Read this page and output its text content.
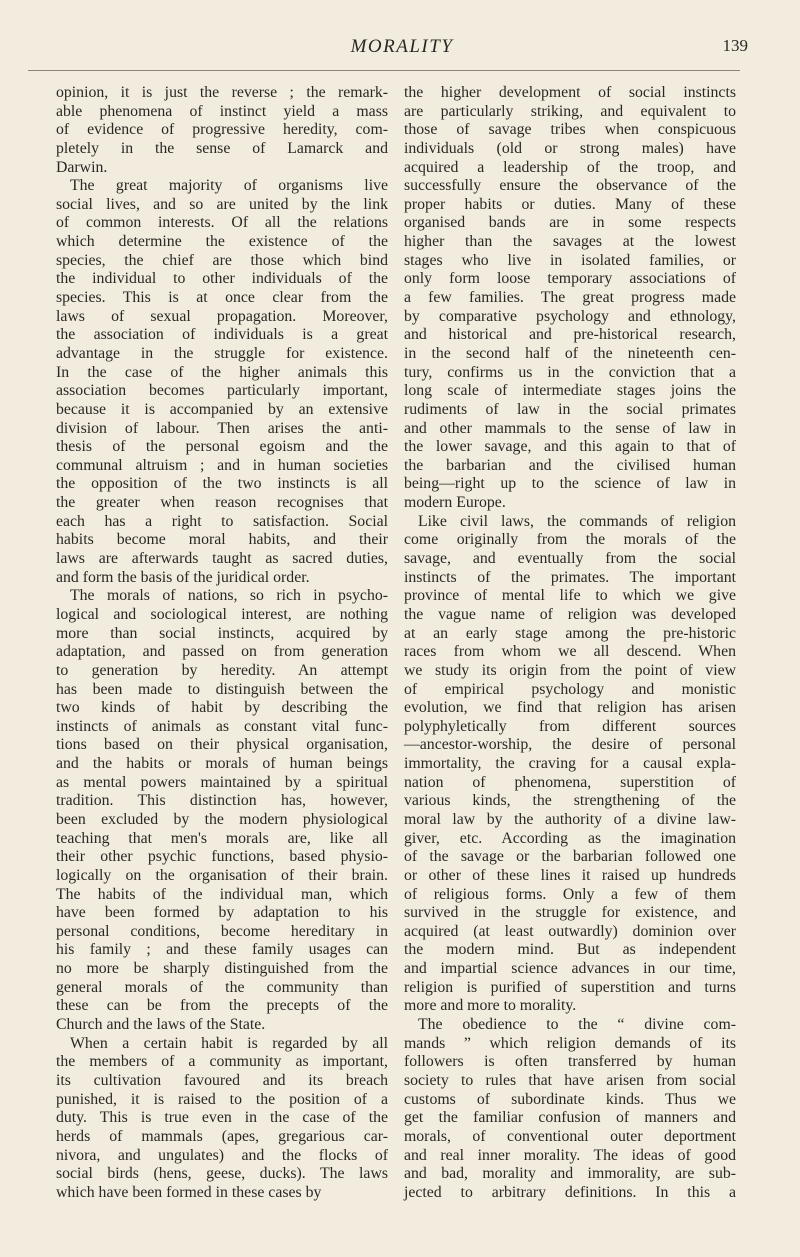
MORALITY	139
opinion, it is just the reverse ; the remark-
able phenomena of instinct yield a mass
of evidence of progressive heredity, com-
pletely in the sense of Lamarck and
Darwin.
The great majority of organisms live
social lives, and so are united by the link
of common interests. Of all the relations
which determine the existence of the
species, the chief are those which bind
the individual to other individuals of the
species. This is at once clear from the
laws of sexual propagation. Moreover,
the association of individuals is a great
advantage in the struggle for existence.
In the case of the higher animals this
association becomes particularly important,
because it is accompanied by an extensive
division of labour. Then arises the anti-
thesis of the personal egoism and the
communal altruism ; and in human societies
the opposition of the two instincts is all
the greater when reason recognises that
each has a right to satisfaction. Social
habits become moral habits, and their
laws are afterwards taught as sacred duties,
and form the basis of the juridical order.
The morals of nations, so rich in psycho-
logical and sociological interest, are nothing
more than social instincts, acquired by
adaptation, and passed on from generation
to generation by heredity. An attempt
has been made to distinguish between the
two kinds of habit by describing the
instincts of animals as constant vital func-
tions based on their physical organisation,
and the habits or morals of human beings
as mental powers maintained by a spiritual
tradition. This distinction has, however,
been excluded by the modern physiological
teaching that men's morals are, like all
their other psychic functions, based physio-
logically on the organisation of their brain.
The habits of the individual man, which
have been formed by adaptation to his
personal conditions, become hereditary in
his family ; and these family usages can
no more be sharply distinguished from the
general morals of the community than
these can be from the precepts of the
Church and the laws of the State.
When a certain habit is regarded by all
the members of a community as important,
its cultivation favoured and its breach
punished, it is raised to the position of a
duty. This is true even in the case of the
herds of mammals (apes, gregarious car-
nivora, and ungulates) and the flocks of
social birds (hens, geese, ducks). The laws
which have been formed in these cases by
the higher development of social instincts
are particularly striking, and equivalent to
those of savage tribes when conspicuous
individuals (old or strong males) have
acquired a leadership of the troop, and
successfully ensure the observance of the
proper habits or duties. Many of these
organised bands are in some respects
higher than the savages at the lowest
stages who live in isolated families, or
only form loose temporary associations of
a few families. The great progress made
by comparative psychology and ethnology,
and historical and pre-historical research,
in the second half of the nineteenth cen-
tury, confirms us in the conviction that a
long scale of intermediate stages joins the
rudiments of law in the social primates
and other mammals to the sense of law in
the lower savage, and this again to that of
the barbarian and the civilised human
being—right up to the science of law in
modern Europe.
Like civil laws, the commands of religion
come originally from the morals of the
savage, and eventually from the social
instincts of the primates. The important
province of mental life to which we give
the vague name of religion was developed
at an early stage among the pre-historic
races from whom we all descend. When
we study its origin from the point of view
of empirical psychology and monistic
evolution, we find that religion has arisen
polyphyletically from different sources
—ancestor-worship, the desire of personal
immortality, the craving for a causal expla-
nation of phenomena, superstition of
various kinds, the strengthening of the
moral law by the authority of a divine law-
giver, etc. According as the imagination
of the savage or the barbarian followed one
or other of these lines it raised up hundreds
of religious forms. Only a few of them
survived in the struggle for existence, and
acquired (at least outwardly) dominion over
the modern mind. But as independent
and impartial science advances in our time,
religion is purified of superstition and turns
more and more to morality.
The obedience to the “ divine com-
mands ” which religion demands of its
followers is often transferred by human
society to rules that have arisen from social
customs of subordinate kinds. Thus we
get the familiar confusion of manners and
morals, of conventional outer deportment
and real inner morality. The ideas of good
and bad, morality and immorality, are sub-
jected to arbitrary definitions. In this a
